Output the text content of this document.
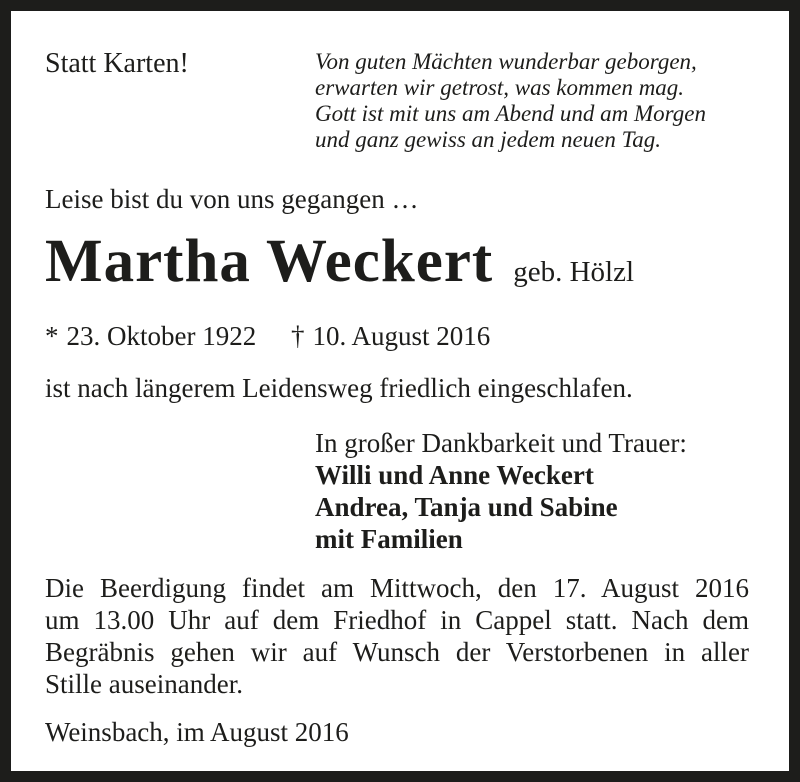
Statt Karten!	Von guten Mächten wunderbar geborgen,
erwarten wir getrost, was kommen mag.
Gott ist mit uns am Abend und am Morgen
und ganz gewiss an jedem neuen Tag.
Leise bist du von uns gegangen …
Martha Weckert geb. Hölzl
* 23. Oktober 1922 † 10. August 2016
ist nach längerem Leidensweg friedlich eingeschlafen.
In großer Dankbarkeit und Trauer:
Willi und Anne Weckert
Andrea, Tanja und Sabine
mit Familien
Die Beerdigung findet am Mittwoch, den 17. August 2016
um 13.00 Uhr auf dem Friedhof in Cappel statt. Nach dem
Begräbnis gehen wir auf Wunsch der Verstorbenen in aller
Stille auseinander.
Weinsbach, im August 2016
